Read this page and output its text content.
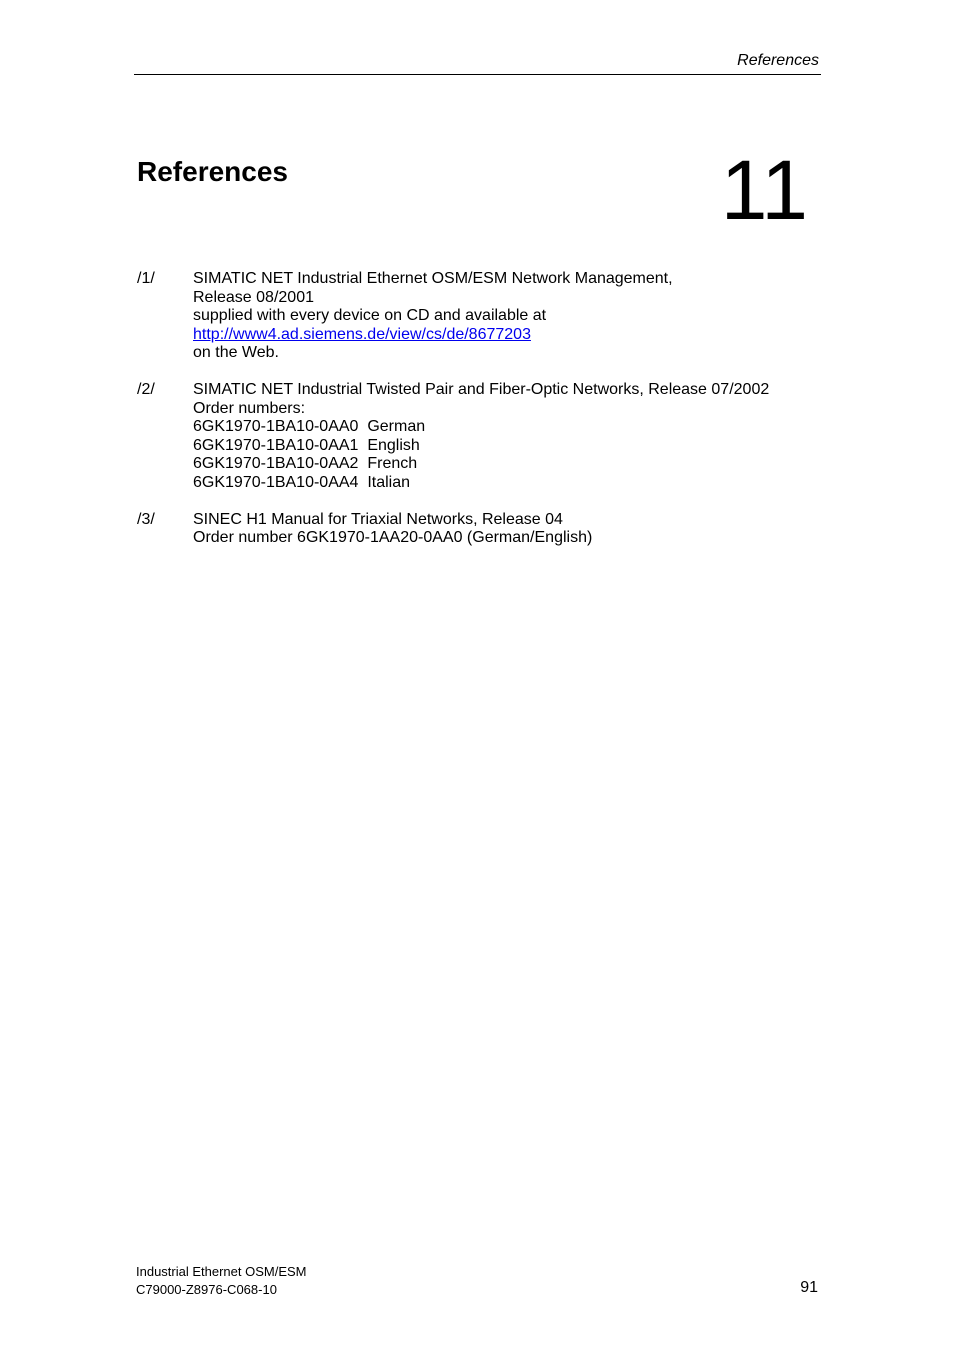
References
References	11
/1/ SIMATIC NET Industrial Ethernet OSM/ESM Network Management,
Release 08/2001
supplied with every device on CD and available at
http://www4.ad.siemens.de/view/cs/de/8677203
on the Web.
/2/ SIMATIC NET Industrial Twisted Pair and Fiber-Optic Networks, Release 07/2002
Order numbers:
6GK1970-1BA10-0AA0  German
6GK1970-1BA10-0AA1  English
6GK1970-1BA10-0AA2  French
6GK1970-1BA10-0AA4  Italian
/3/ SINEC H1 Manual for Triaxial Networks, Release 04
Order number 6GK1970-1AA20-0AA0 (German/English)
Industrial Ethernet OSM/ESM
C79000-Z8976-C068-10	91
